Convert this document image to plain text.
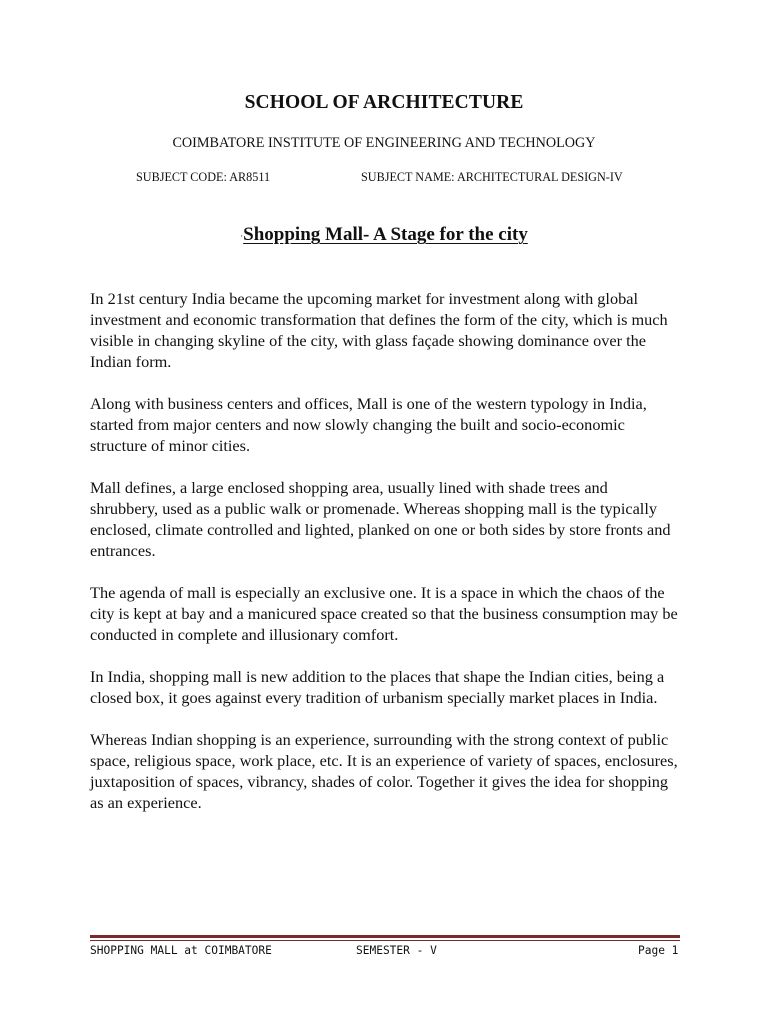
SCHOOL OF ARCHITECTURE
COIMBATORE INSTITUTE OF ENGINEERING AND TECHNOLOGY
SUBJECT CODE: AR8511	SUBJECT NAME: ARCHITECTURAL DESIGN-IV
·Shopping Mall- A Stage for the city

In 21st century India became the upcoming market for investment along with global investment and economic transformation that defines the form of the city, which is much visible in changing skyline of the city, with glass façade showing dominance over the Indian form.

Along with business centers and offices, Mall is one of the western typology in India, started from major centers and now slowly changing the built and socio-economic structure of minor cities.

Mall defines, a large enclosed shopping area, usually lined with shade trees and shrubbery, used as a public walk or promenade. Whereas shopping mall is the typically enclosed, climate controlled and lighted, planked on one or both sides by store fronts and entrances.

The agenda of mall is especially an exclusive one. It is a space in which the chaos of the city is kept at bay and a manicured space created so that the business consumption may be conducted in complete and illusionary comfort.

In India, shopping mall is new addition to the places that shape the Indian cities, being a closed box, it goes against every tradition of urbanism specially market places in India.

Whereas Indian shopping is an experience, surrounding with the strong context of public space, religious space, work place, etc. It is an experience of variety of spaces, enclosures, juxtaposition of spaces, vibrancy, shades of color. Together it gives the idea for shopping as an experience.

SHOPPING MALL at COIMBATORE	SEMESTER - V	Page 1
